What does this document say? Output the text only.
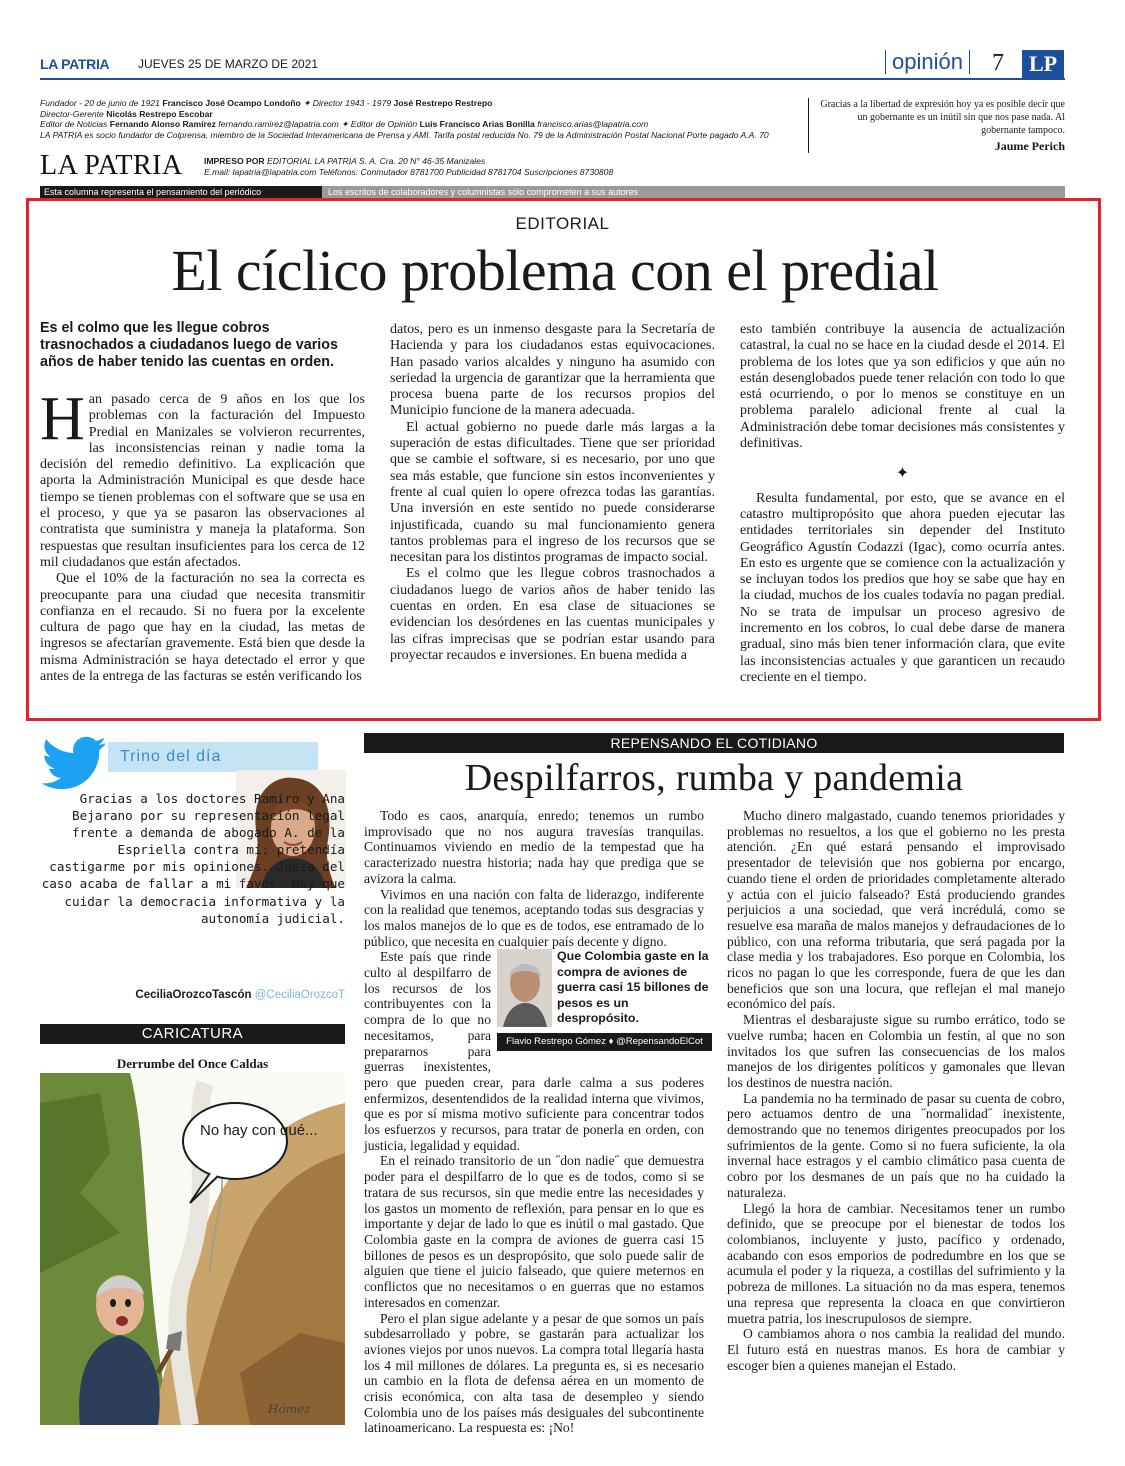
LA PATRIA JUEVES 25 DE MARZO DE 2021	opinión 7	LP
Fundador - 20 de junio de 1921 Francisco José Ocampo Londoño ✦ Director 1943 - 1979 José Restrepo Restrepo
Director-Gerente Nicolás Restrepo Escobar
Editor de Noticias Fernando Alonso Ramírez fernando.ramirez@lapatria.com ✦ Editor de Opinión Luis Francisco Arias Bonilla francisco.arias@lapatria.com
LA PATRIA es socio fundador de Colprensa, miembro de la Sociedad Interamericana de Prensa y AMI. Tarifa postal reducida No. 79 de la Administración Postal Nacional Porte pagado A.A. 70
LA PATRIA IMPRESO POR EDITORIAL LA PATRIA S. A. Cra. 20 N° 46-35 Manizales
E.mail: lapatria@lapatria.com Teléfonos: Conmutador 8781700 Publicidad 8781704 Suscripciones 8730808
Gracias a la libertad de expresión hoy ya es posible decir que un gobernante es un inútil sin que nos pase nada. Al gobernante tampoco.
Jaume Perich
Esta columna representa el pensamiento del periódico	Los escritos de colaboradores y columnistas sólo comprometen a sus autores
EDITORIAL
El cíclico problema con el predial
Es el colmo que les llegue cobros trasnochados a ciudadanos luego de varios años de haber tenido las cuentas en orden.

Han pasado cerca de 9 años en los que los problemas con la facturación del Impuesto Predial en Manizales se volvieron recurrentes, las inconsistencias reinan y nadie toma la decisión del remedio definitivo. La explicación que aporta la Administración Municipal es que desde hace tiempo se tienen problemas con el software que se usa en el proceso, y que ya se pasaron las observaciones al contratista que suministra y maneja la plataforma. Son respuestas que resultan insuficientes para los cerca de 12 mil ciudadanos que están afectados.

Que el 10% de la facturación no sea la correcta es preocupante para una ciudad que necesita transmitir confianza en el recaudo. Si no fuera por la excelente cultura de pago que hay en la ciudad, las metas de ingresos se afectarían gravemente. Está bien que desde la misma Administración se haya detectado el error y que antes de la entrega de las facturas se estén verificando los

datos, pero es un inmenso desgaste para la Secretaría de Hacienda y para los ciudadanos estas equivocaciones. Han pasado varios alcaldes y ninguno ha asumido con seriedad la urgencia de garantizar que la herramienta que procesa buena parte de los recursos propios del Municipio funcione de la manera adecuada.

El actual gobierno no puede darle más largas a la superación de estas dificultades. Tiene que ser prioridad que se cambie el software, si es necesario, por uno que sea más estable, que funcione sin estos inconvenientes y frente al cual quien lo opere ofrezca todas las garantías. Una inversión en este sentido no puede considerarse injustificada, cuando su mal funcionamiento genera tantos problemas para el ingreso de los recursos que se necesitan para los distintos programas de impacto social.

Es el colmo que les llegue cobros trasnochados a ciudadanos luego de varios años de haber tenido las cuentas en orden. En esa clase de situaciones se evidencian los desórdenes en las cuentas municipales y las cifras imprecisas que se podrían estar usando para proyectar recaudos e inversiones. En buena medida a

esto también contribuye la ausencia de actualización catastral, la cual no se hace en la ciudad desde el 2014. El problema de los lotes que ya son edificios y que aún no están desenglobados puede tener relación con todo lo que está ocurriendo, o por lo menos se constituye en un problema paralelo adicional frente al cual la Administración debe tomar decisiones más consistentes y definitivas.

✦

Resulta fundamental, por esto, que se avance en el catastro multipropósito que ahora pueden ejecutar las entidades territoriales sin depender del Instituto Geográfico Agustín Codazzi (Igac), como ocurría antes. En esto es urgente que se comience con la actualización y se incluyan todos los predios que hoy se sabe que hay en la ciudad, muchos de los cuales todavía no pagan predial. No se trata de impulsar un proceso agresivo de incremento en los cobros, lo cual debe darse de manera gradual, sino más bien tener información clara, que evite las inconsistencias actuales y que garanticen un recaudo creciente en el tiempo.

Trino del día
Gracias a los doctores Ramiro y Ana Bejarano por su representación legal frente a demanda de abogado A. de la Espriella contra mí: pretendía castigarme por mis opiniones. Jueza del caso acaba de fallar a mi favor. Hay que cuidar la democracia informativa y la autonomía judicial.
CeciliaOrozcoTascón @CeciliaOrozcoT
CARICATURA
Derrumbe del Once Caldas
No hay con qué...
Hómez
REPENSANDO EL COTIDIANO
Despilfarros, rumba y pandemia

Todo es caos, anarquía, enredo; tenemos un rumbo improvisado que no nos augura travesías tranquilas. Continuamos viviendo en medio de la tempestad que ha caracterizado nuestra historia; nada hay que prediga que se avizora la calma.

Vivimos en una nación con falta de liderazgo, indiferente con la realidad que tenemos, aceptando todas sus desgracias y los malos manejos de lo que es de todos, ese entramado de lo público, que necesita en cualquier país decente y digno.

Que Colombia gaste en la compra de aviones de guerra casi 15 billones de pesos es un despropósito.
Flavio Restrepo Gómez ♦ @RepensandoElCot
Este país que rinde culto al despilfarro de los recursos de los contribuyentes con la compra de lo que no necesitamos, para prepararnos para guerras inexistentes, pero que pueden crear, para darle calma a sus poderes enfermizos, desentendidos de la realidad interna que vivimos, que es por sí misma motivo suficiente para concentrar todos los esfuerzos y recursos, para tratar de ponerla en orden, con justicia, legalidad y equidad.

En el reinado transitorio de un ˝don nadie˝ que demuestra poder para el despilfarro de lo que es de todos, como si se tratara de sus recursos, sin que medie entre las necesidades y los gastos un momento de reflexión, para pensar en lo que es importante y dejar de lado lo que es inútil o mal gastado. Que Colombia gaste en la compra de aviones de guerra casi 15 billones de pesos es un despropósito, que solo puede salir de alguien que tiene el juicio falseado, que quiere meternos en conflictos que no necesitamos o en guerras que no estamos interesados en comenzar.

Pero el plan sigue adelante y a pesar de que somos un país subdesarrollado y pobre, se gastarán para actualizar los aviones viejos por unos nuevos. La compra total llegaría hasta los 4 mil millones de dólares. La pregunta es, si es necesario un cambio en la flota de defensa aérea en un momento de crisis económica, con alta tasa de desempleo y siendo Colombia uno de los países más desiguales del subcontinente latinoamericano. La respuesta es: ¡No!

Mucho dinero malgastado, cuando tenemos prioridades y problemas no resueltos, a los que el gobierno no les presta atención. ¿En qué estará pensando el improvisado presentador de televisión que nos gobierna por encargo, cuando tiene el orden de prioridades completamente alterado y actúa con el juicio falseado? Está produciendo grandes perjuicios a una sociedad, que verá incrédulá, como se resuelve esa maraña de malos manejos y defraudaciones de lo público, con una reforma tributaria, que será pagada por la clase media y los trabajadores. Eso porque en Colombia, los ricos no pagan lo que les corresponde, fuera de que les dan beneficios que son una locura, que reflejan el mal manejo económico del país.

Mientras el desbarajuste sigue su rumbo errático, todo se vuelve rumba; hacen en Colombia un festín, al que no son invitados los que sufren las consecuencias de los malos manejos de los dirigentes políticos y gamonales que llevan los destinos de nuestra nación.

La pandemia no ha terminado de pasar su cuenta de cobro, pero actuamos dentro de una ˝normalidad˝ inexistente, demostrando que no tenemos dirigentes preocupados por los sufrimientos de la gente. Como si no fuera suficiente, la ola invernal hace estragos y el cambio climático pasa cuenta de cobro por los desmanes de un país que no ha cuidado la naturaleza.

Llegó la hora de cambiar. Necesitamos tener un rumbo definido, que se preocupe por el bienestar de todos los colombianos, incluyente y justo, pacífico y ordenado, acabando con esos emporios de podredumbre en los que se acumula el poder y la riqueza, a costillas del sufrimiento y la pobreza de millones. La situación no da mas espera, tenemos una represa que representa la cloaca en que convirtieron muetra patria, los inescrupulosos de siempre.

O cambiamos ahora o nos cambia la realidad del mundo. El futuro está en nuestras manos. Es hora de cambiar y escoger bien a quienes manejan el Estado.
